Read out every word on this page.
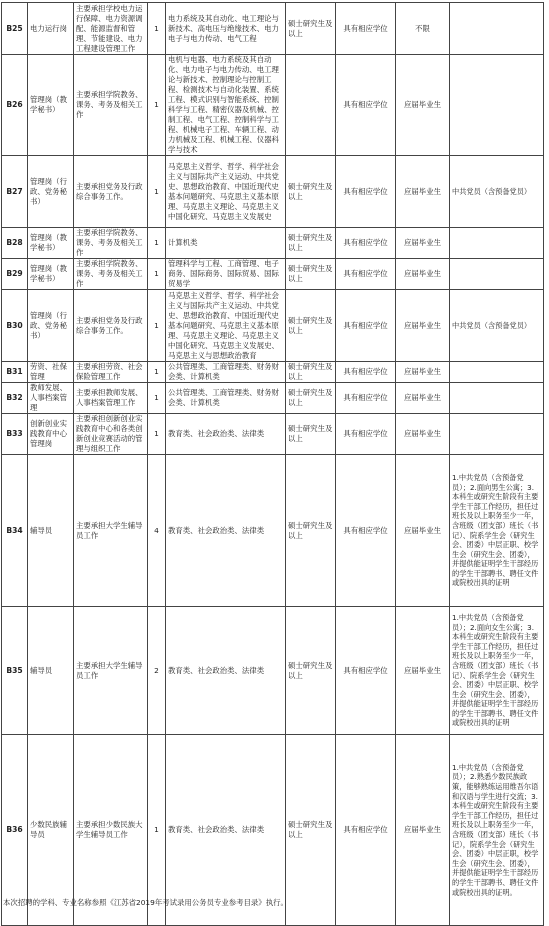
B25	电力运行岗	主要承担学校电力运行保障、电力资源调配、能源监督和管理、节能建设、电力工程建设管理工作	1	电力系统及其自动化、电工理论与新技术、高电压与绝缘技术、电力电子与电力传动、电气工程	硕士研究生及以上	具有相应学位	不限	
B26	管理岗（教学秘书）	主要承担学院教务、课务、考务及相关工作	1	电机与电器、电力系统及其自动化、电力电子与电力传动、电工理论与新技术、控制理论与控制工程、检测技术与自动化装置、系统工程、模式识别与智能系统、控制科学与工程、精密仪器及机械、控制工程、电气工程、控制科学与工程、机械电子工程、车辆工程、动力机械及工程、机械工程、仪器科学与技术		具有相应学位	应届毕业生	
B27	管理岗（行政、党务秘书）	主要承担党务及行政综合事务工作。	1	马克思主义哲学、哲学、科学社会主义与国际共产主义运动、中共党史、思想政治教育、中国近现代史基本问题研究、马克思主义基本原理、马克思主义理论、马克思主义中国化研究、马克思主义发展史	硕士研究生及以上	具有相应学位	应届毕业生	中共党员（含预备党员）
B28	管理岗（教学秘书）	主要承担学院教务、课务、考务及相关工作	1	计算机类	硕士研究生及以上	具有相应学位	应届毕业生	
B29	管理岗（教学秘书）	主要承担学院教务、课务、考务及相关工作	1	管理科学与工程、工商管理、电子商务、国际商务、国际贸易、国际贸易学	硕士研究生及以上	具有相应学位	应届毕业生	
B30	管理岗（行政、党务秘书）	主要承担党务及行政综合事务工作。	1	马克思主义哲学、哲学、科学社会主义与国际共产主义运动、中共党史、思想政治教育、中国近现代史基本问题研究、马克思主义基本原理、马克思主义理论、马克思主义中国化研究、马克思主义发展史、马克思主义与思想政治教育	硕士研究生及以上	具有相应学位	应届毕业生	中共党员（含预备党员）
B31	劳资、社保管理	主要承担劳资、社会保险管理工作	1	公共管理类、工商管理类、财务财会类、计算机类	硕士研究生及以上	具有相应学位	应届毕业生	
B32	教师发展、人事档案管理	主要承担教师发展、人事档案管理工作	1	公共管理类、工商管理类、财务财会类、计算机类	硕士研究生及以上	具有相应学位	应届毕业生	
B33	创新创业实践教育中心管理岗	主要承担创新创业实践教育中心和各类创新创业竞赛活动的管理与组织工作	1	教育类、社会政治类、法律类	硕士研究生及以上	具有相应学位	应届毕业生	
B34	辅导员	主要承担大学生辅导员工作	4	教育类、社会政治类、法律类	硕士研究生及以上	具有相应学位	应届毕业生	1.中共党员（含预备党员）；2.面向男生公寓；3.本科生或研究生阶段有主要学生干部工作经历，担任过班长及以上职务至少一年，含班级（团支部）班长（书记）、院系学生会（研究生会、团委）中层正职、校学生会（研究生会、团委），并提供能证明学生干部经历的学生干部聘书、聘任文件或院校出具的证明
B35	辅导员	主要承担大学生辅导员工作	2	教育类、社会政治类、法律类	硕士研究生及以上	具有相应学位	应届毕业生	1.中共党员（含预备党员）；2.面向女生公寓；3.本科生或研究生阶段有主要学生干部工作经历，担任过班长及以上职务至少一年，含班级（团支部）班长（书记）、院系学生会（研究生会、团委）中层正职、校学生会（研究生会、团委），并提供能证明学生干部经历的学生干部聘书、聘任文件或院校出具的证明
B36	少数民族辅导员	主要承担少数民族大学生辅导员工作	1	教育类、社会政治类、法律类	硕士研究生及以上	具有相应学位	应届毕业生	1.中共党员（含预备党员）；2.熟悉少数民族政策，能够熟练运用维吾尔语和汉语与学生进行交流；3.本科生或研究生阶段有主要学生干部工作经历，担任过班长及以上职务至少一年，含班级（团支部）班长（书记），院系学生会（研究生会、团委）中层正职，校学生会（研究生会、团委），并提供能证明学生干部经历的学生干部聘书、聘任文件或院校出具的证明。
本次招聘的学科、专业名称参照《江苏省2019年考试录用公务员专业参考目录》执行。
